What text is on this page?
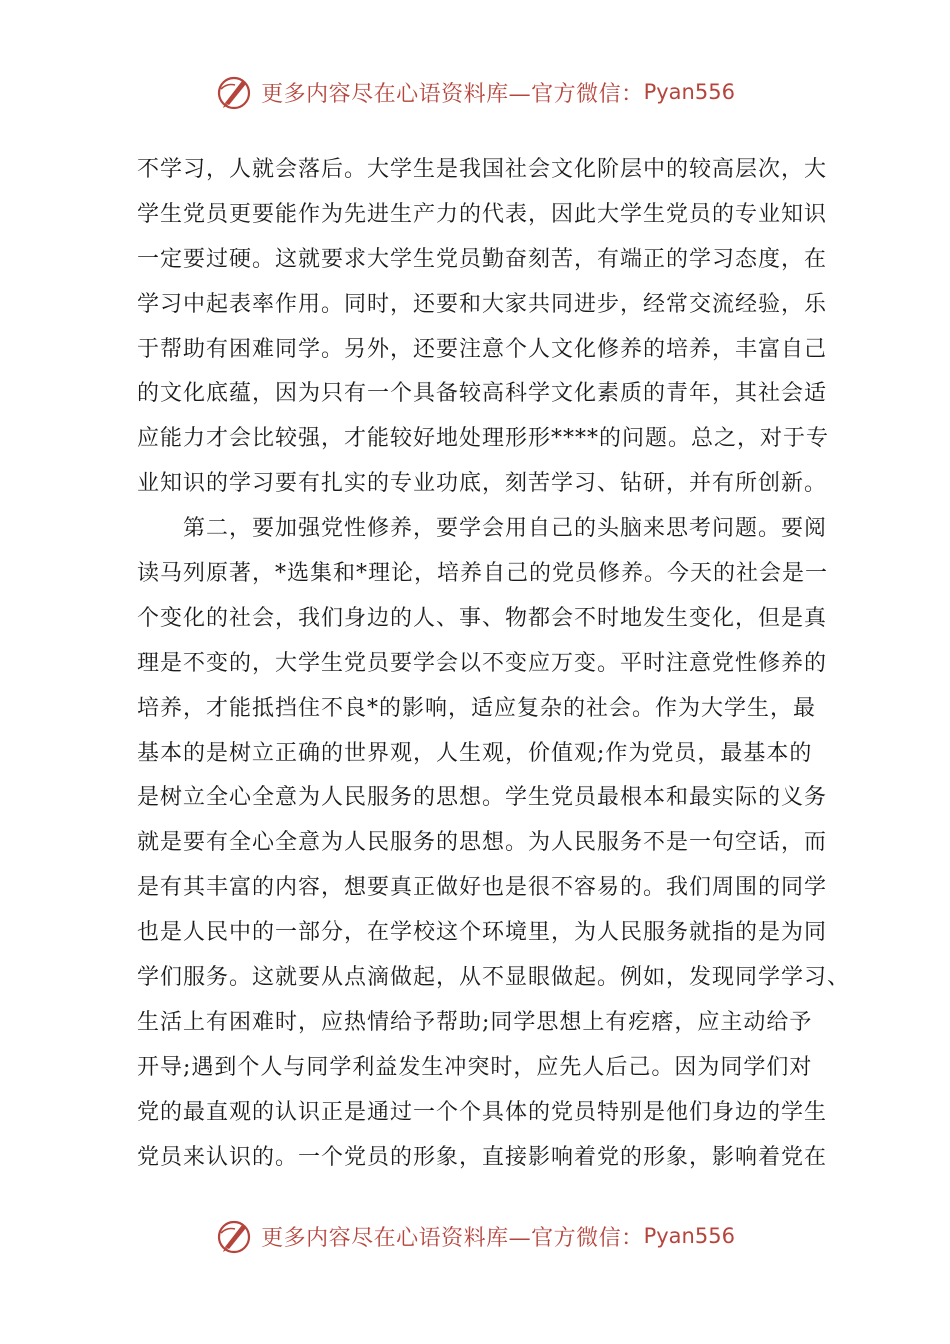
更多内容尽在心语资料库—官方微信： Pyan556
不学习，人就会落后。大学生是我国社会文化阶层中的较高层次，大
学生党员更要能作为先进生产力的代表，因此大学生党员的专业知识
一定要过硬。这就要求大学生党员勤奋刻苦，有端正的学习态度，在
学习中起表率作用。同时，还要和大家共同进步，经常交流经验，乐
于帮助有困难同学。另外，还要注意个人文化修养的培养，丰富自己
的文化底蕴，因为只有一个具备较高科学文化素质的青年，其社会适
应能力才会比较强，才能较好地处理形形****的问题。总之，对于专
业知识的学习要有扎实的专业功底，刻苦学习、钻研，并有所创新。
第二，要加强党性修养，要学会用自己的头脑来思考问题。要阅
读马列原著，*选集和*理论，培养自己的党员修养。今天的社会是一
个变化的社会，我们身边的人、事、物都会不时地发生变化，但是真
理是不变的，大学生党员要学会以不变应万变。平时注意党性修养的
培养，才能抵挡住不良*的影响，适应复杂的社会。作为大学生，最
基本的是树立正确的世界观，人生观，价值观;作为党员，最基本的
是树立全心全意为人民服务的思想。学生党员最根本和最实际的义务
就是要有全心全意为人民服务的思想。为人民服务不是一句空话，而
是有其丰富的内容，想要真正做好也是很不容易的。我们周围的同学
也是人民中的一部分，在学校这个环境里，为人民服务就指的是为同
学们服务。这就要从点滴做起，从不显眼做起。例如，发现同学学习、
生活上有困难时，应热情给予帮助;同学思想上有疙瘩，应主动给予
开导;遇到个人与同学利益发生冲突时，应先人后己。因为同学们对
党的最直观的认识正是通过一个个具体的党员特别是他们身边的学生
党员来认识的。一个党员的形象，直接影响着党的形象，影响着党在
更多内容尽在心语资料库—官方微信： Pyan556
